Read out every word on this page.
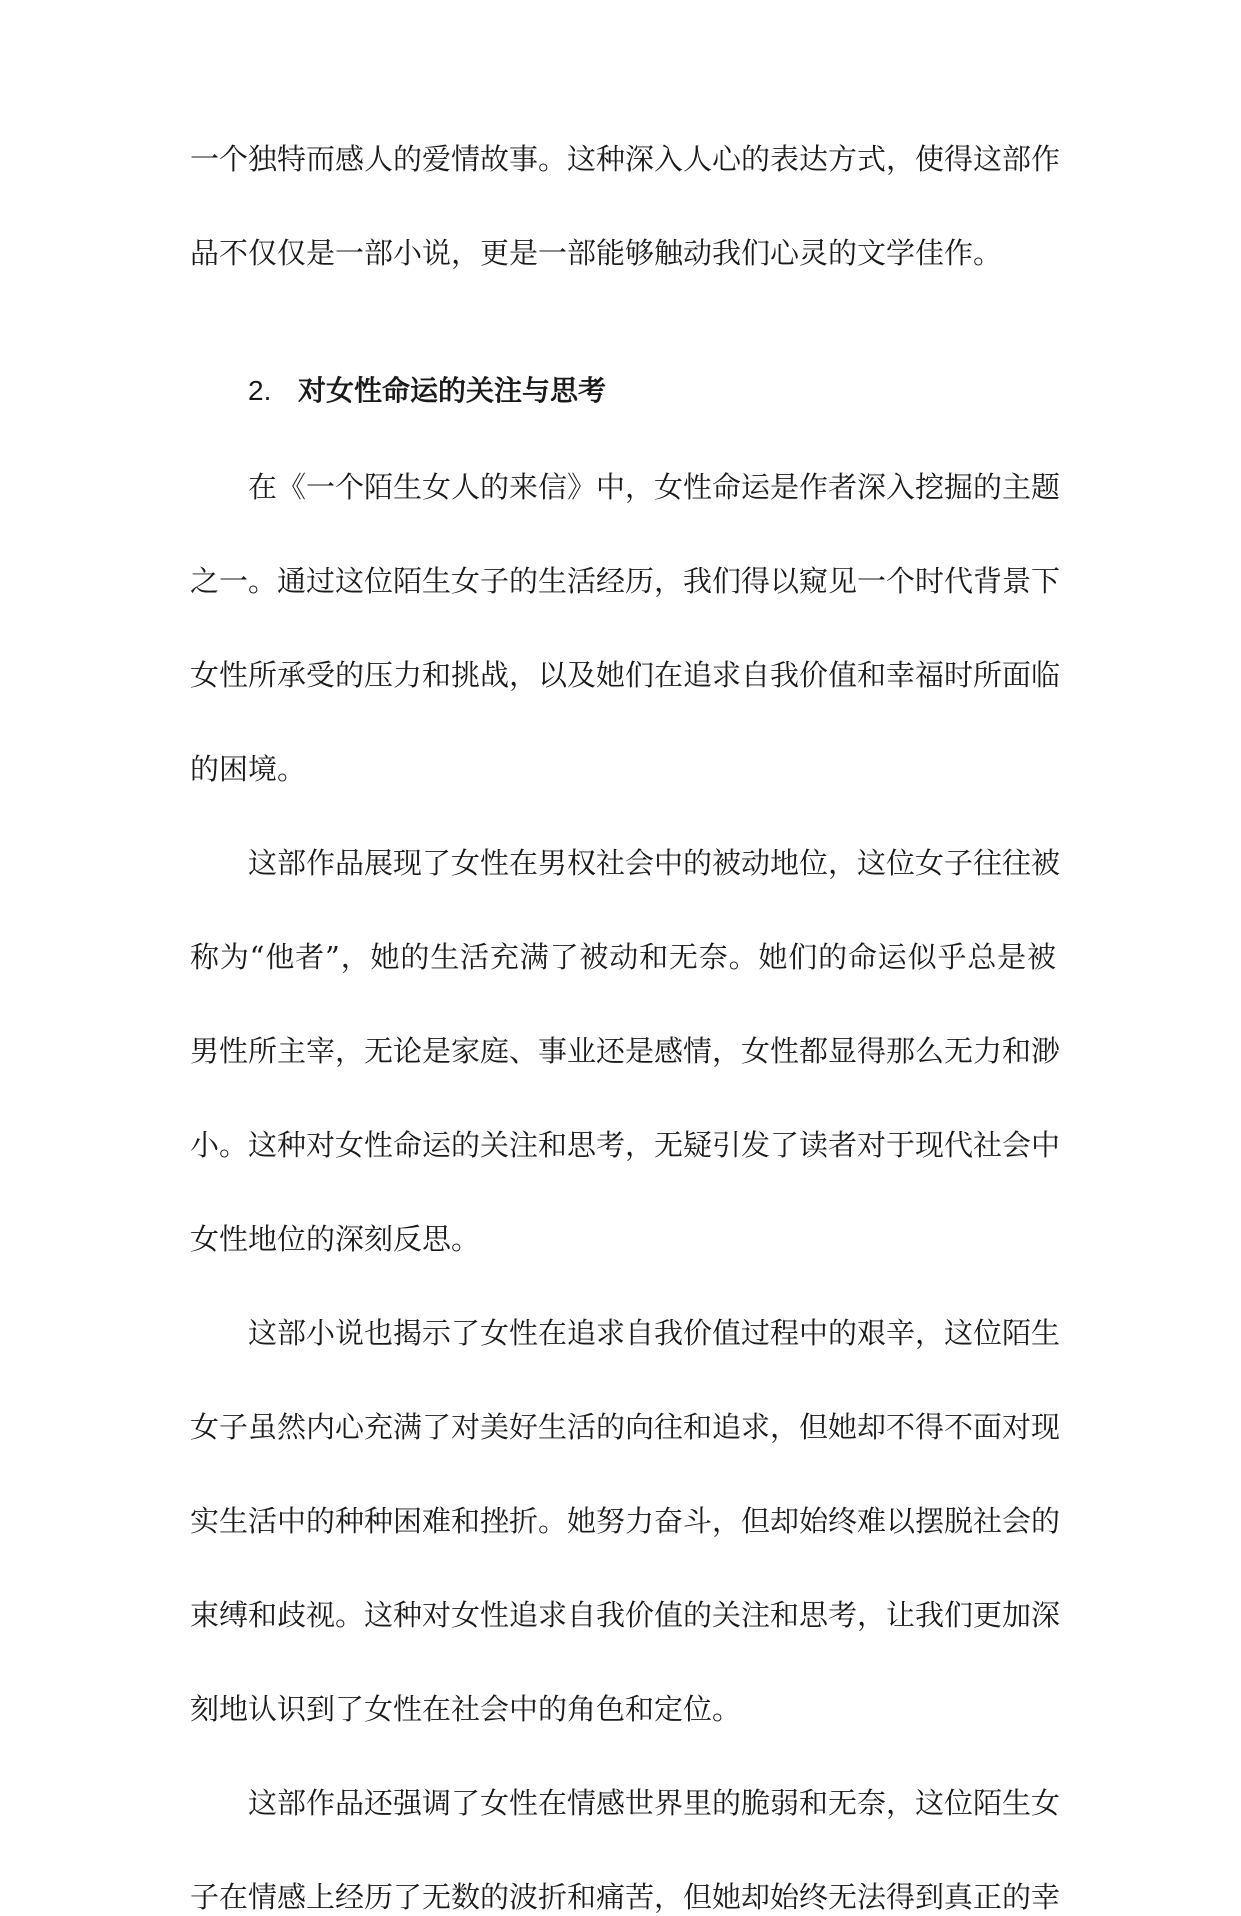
一个独特而感人的爱情故事。这种深入人心的表达方式，使得这部作
品不仅仅是一部小说，更是一部能够触动我们心灵的文学佳作。
2. 对女性命运的关注与思考
在《一个陌生女人的来信》中，女性命运是作者深入挖掘的主题
之一。通过这位陌生女子的生活经历，我们得以窥见一个时代背景下
女性所承受的压力和挑战，以及她们在追求自我价值和幸福时所面临
的困境。
这部作品展现了女性在男权社会中的被动地位，这位女子往往被
称为“他者”，她的生活充满了被动和无奈。她们的命运似乎总是被
男性所主宰，无论是家庭、事业还是感情，女性都显得那么无力和渺
小。这种对女性命运的关注和思考，无疑引发了读者对于现代社会中
女性地位的深刻反思。
这部小说也揭示了女性在追求自我价值过程中的艰辛，这位陌生
女子虽然内心充满了对美好生活的向往和追求，但她却不得不面对现
实生活中的种种困难和挫折。她努力奋斗，但却始终难以摆脱社会的
束缚和歧视。这种对女性追求自我价值的关注和思考，让我们更加深
刻地认识到了女性在社会中的角色和定位。
这部作品还强调了女性在情感世界里的脆弱和无奈，这位陌生女
子在情感上经历了无数的波折和痛苦，但她却始终无法得到真正的幸
